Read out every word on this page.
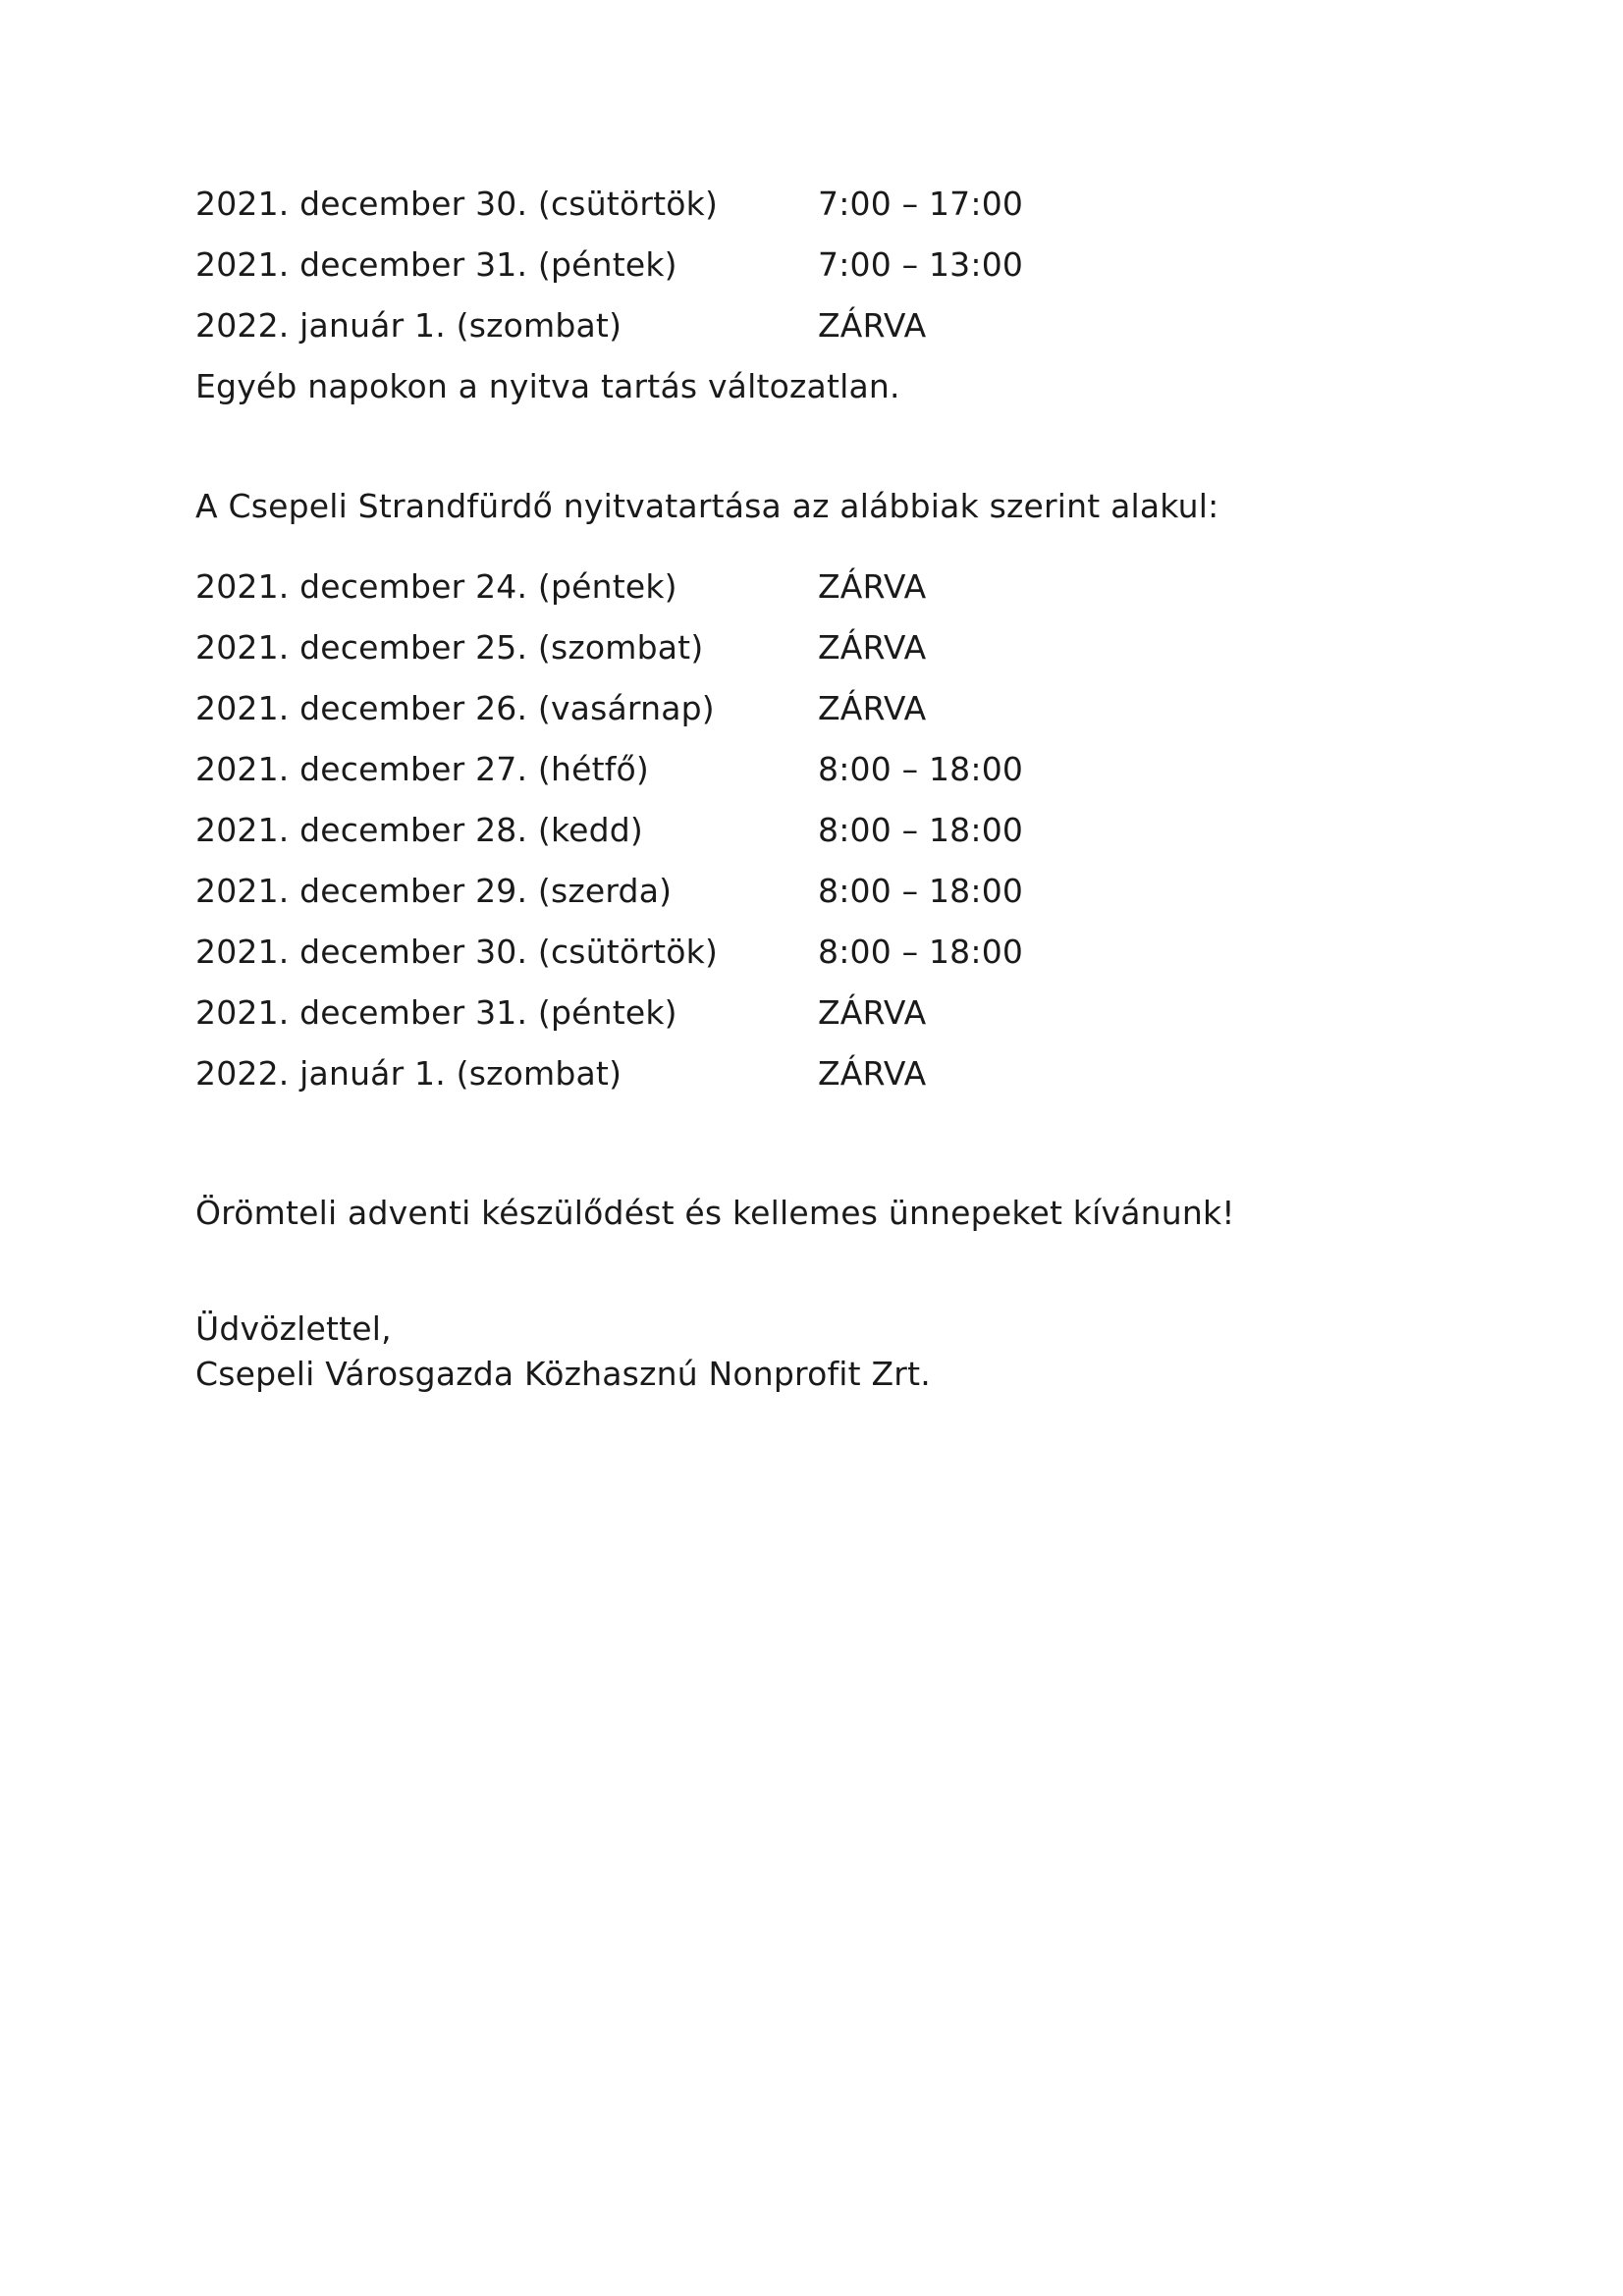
2021. december 30. (csütörtök)	7:00 – 17:00
2021. december 31. (péntek)	7:00 – 13:00
2022. január 1. (szombat)	ZÁRVA
Egyéb napokon a nyitva tartás változatlan.
A Csepeli Strandfürdő nyitvatartása az alábbiak szerint alakul:
2021. december 24. (péntek)	ZÁRVA
2021. december 25. (szombat)	ZÁRVA
2021. december 26. (vasárnap)	ZÁRVA
2021. december 27. (hétfő)	8:00 – 18:00
2021. december 28. (kedd)	8:00 – 18:00
2021. december 29. (szerda)	8:00 – 18:00
2021. december 30. (csütörtök)	8:00 – 18:00
2021. december 31. (péntek)	ZÁRVA
2022. január 1. (szombat)	ZÁRVA
Örömteli adventi készülődést és kellemes ünnepeket kívánunk!
Üdvözlettel,
Csepeli Városgazda Közhasznú Nonprofit Zrt.
